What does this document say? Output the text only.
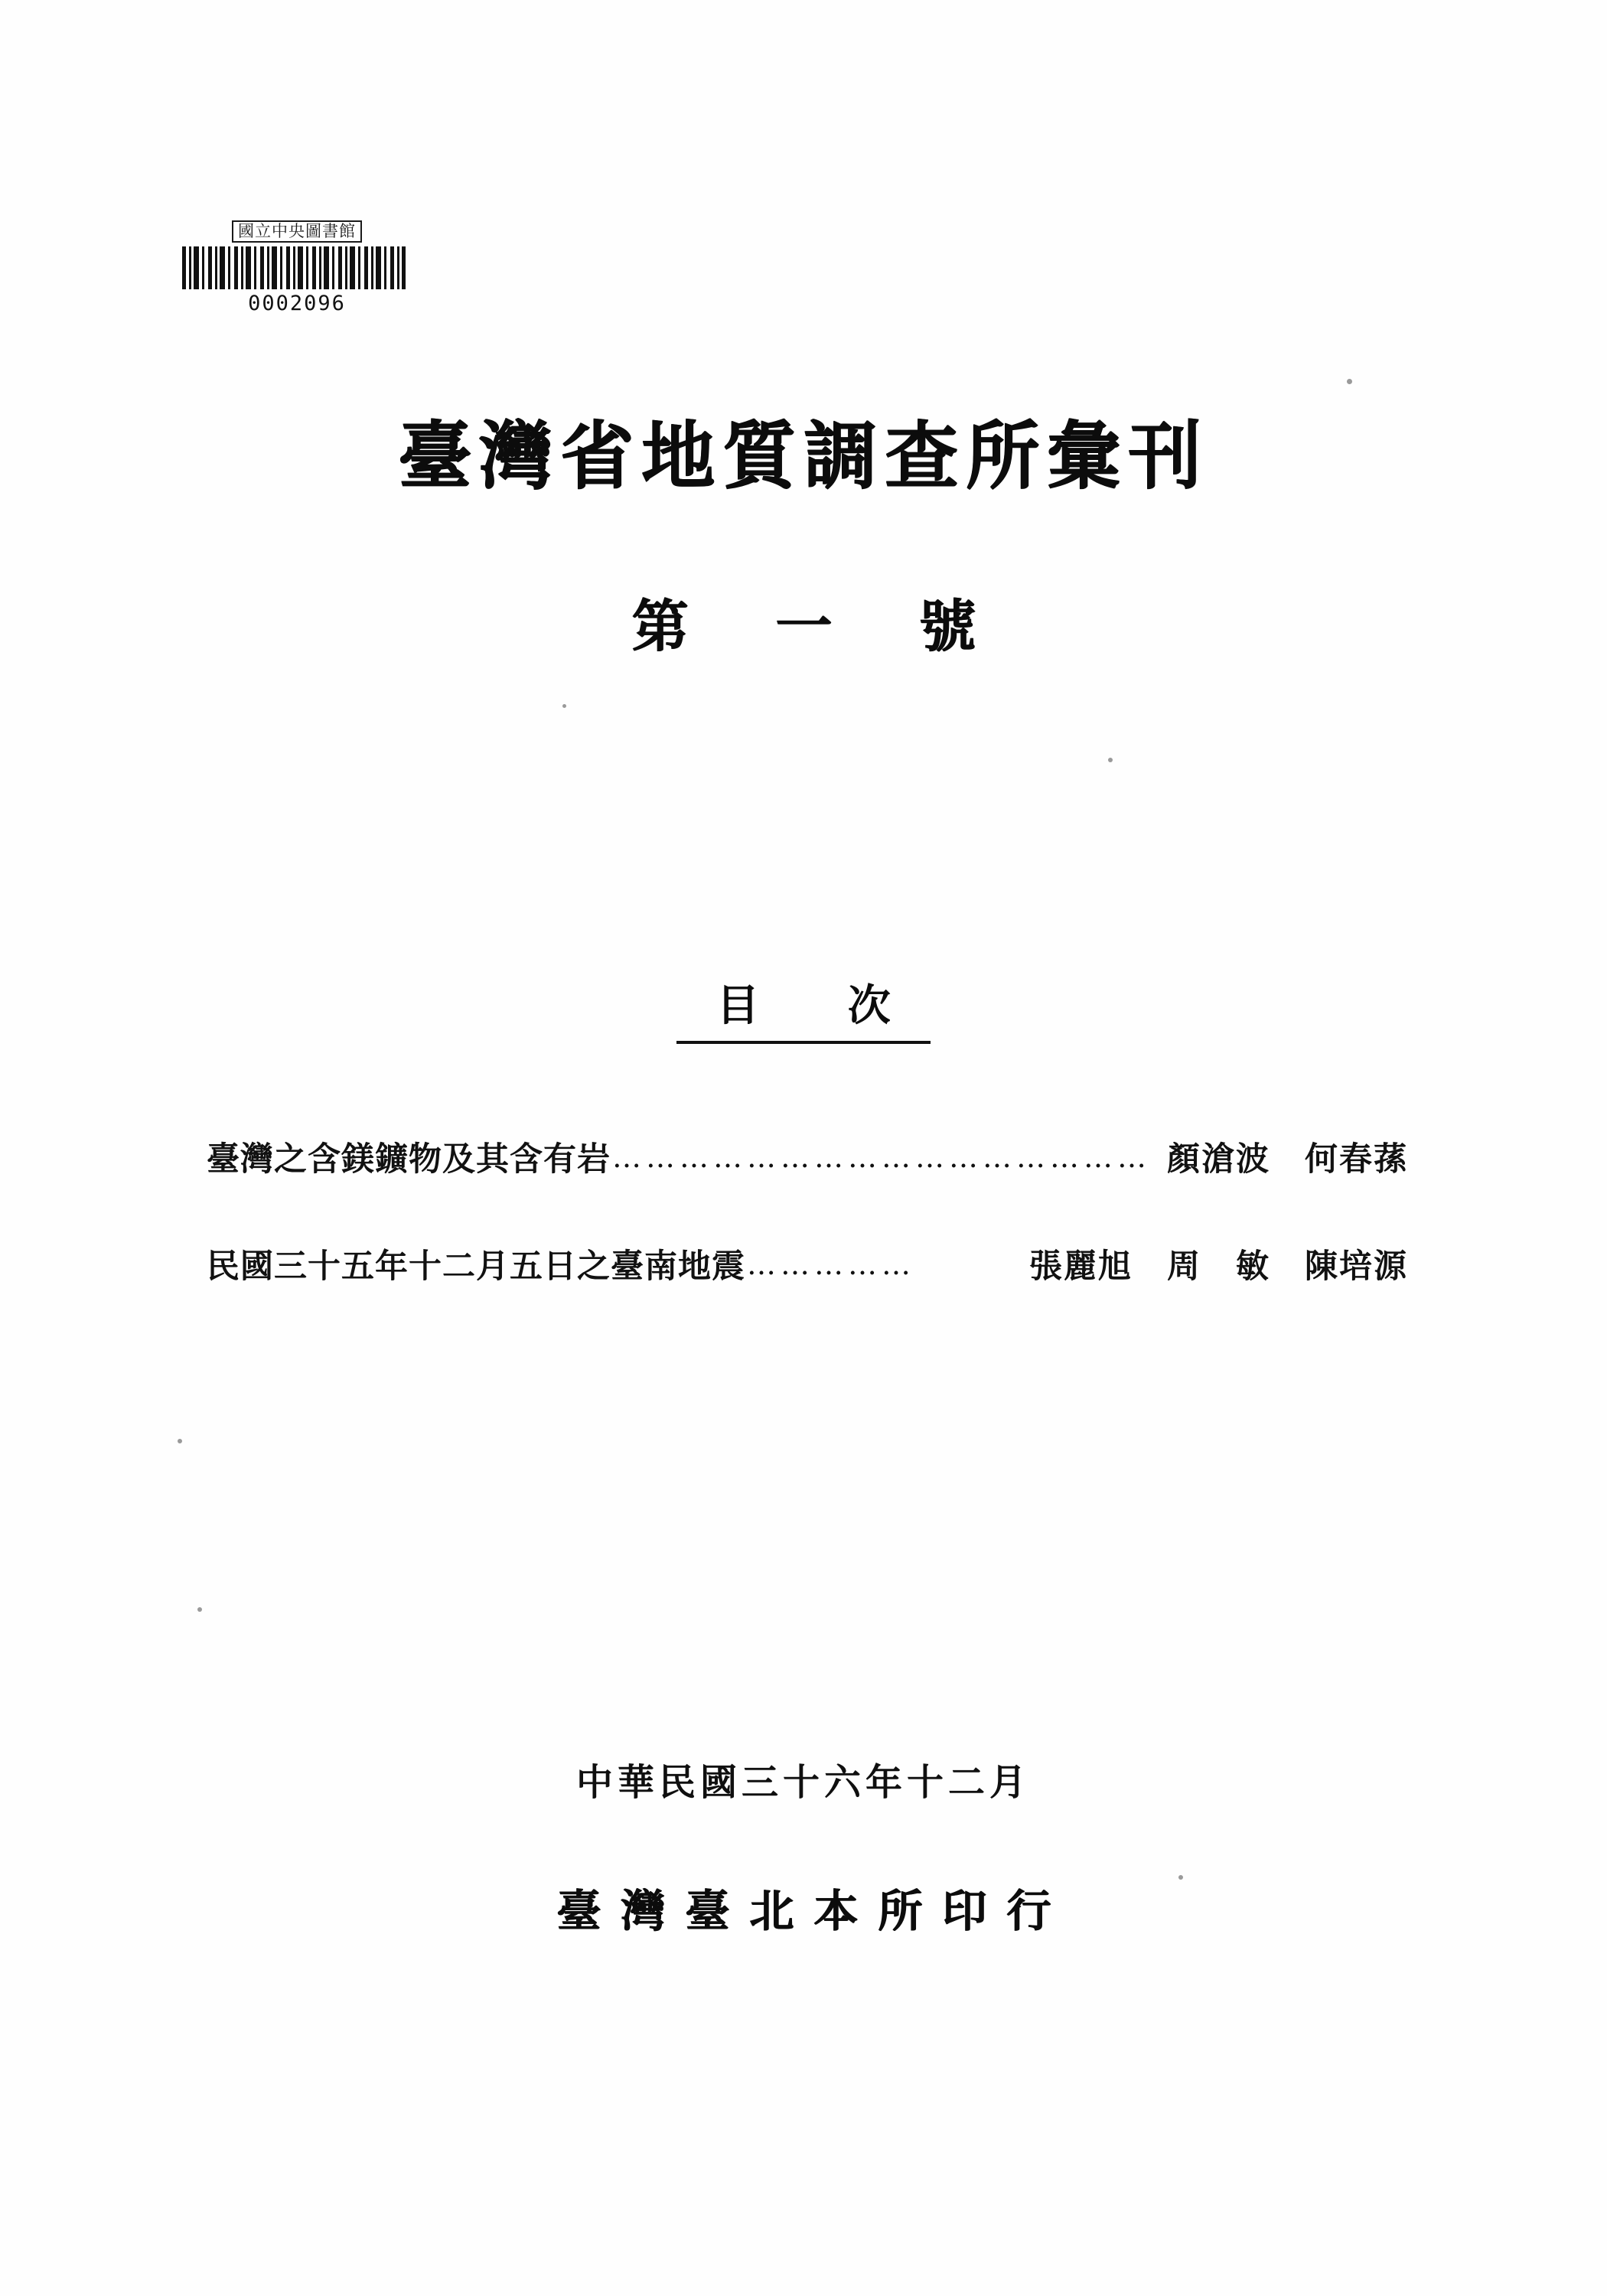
國立中央圖書館
0002096
臺灣省地質調查所彙刊
第 一 號
目 次
臺灣之含鎂鑛物及其含有岩 ………………………………………… 顏滄波　何春蓀
民國三十五年十二月五日之臺南地震 ……………	張麗旭　周　敏　陳培源
中華民國三十六年十二月
臺灣臺北本所印行
